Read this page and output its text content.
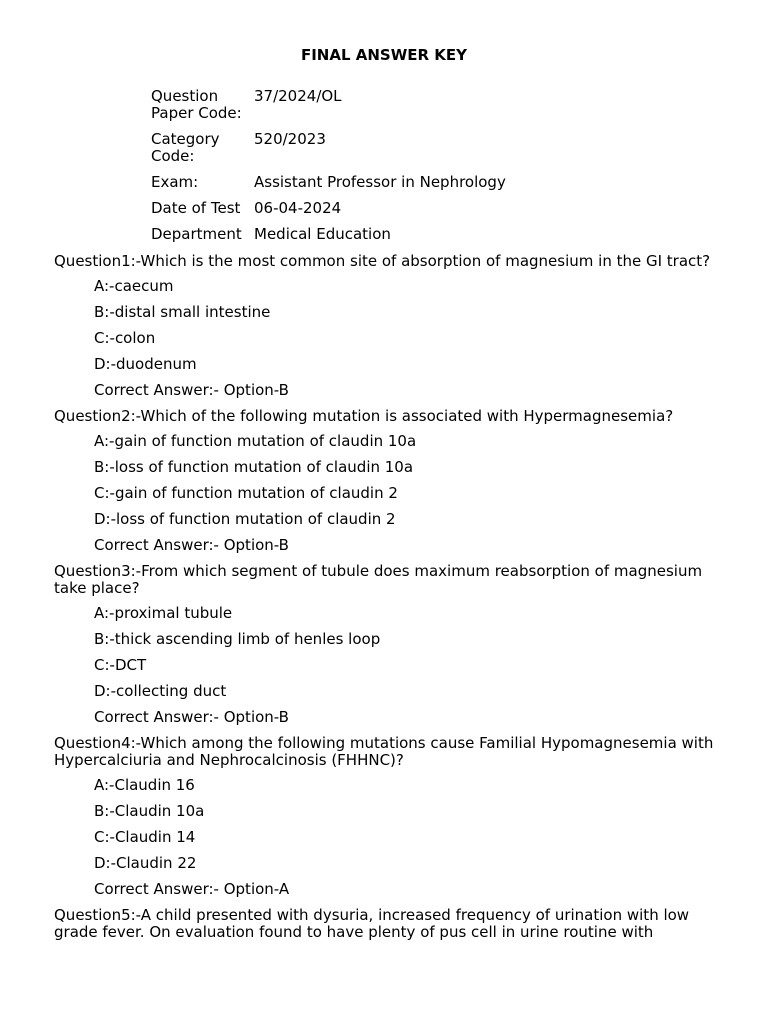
FINAL ANSWER KEY
Question Paper Code:	37/2024/OL
Category Code:	520/2023
Exam:	Assistant Professor in Nephrology
Date of Test	06-04-2024
Department	Medical Education
Question1:-Which is the most common site of absorption of magnesium in the GI tract?
A:-caecum
B:-distal small intestine
C:-colon
D:-duodenum
Correct Answer:- Option-B
Question2:-Which of the following mutation is associated with Hypermagnesemia?
A:-gain of function mutation of claudin 10a
B:-loss of function mutation of claudin 10a
C:-gain of function mutation of claudin 2
D:-loss of function mutation of claudin 2
Correct Answer:- Option-B
Question3:-From which segment of tubule does maximum reabsorption of magnesium take place?
A:-proximal tubule
B:-thick ascending limb of henles loop
C:-DCT
D:-collecting duct
Correct Answer:- Option-B
Question4:-Which among the following mutations cause Familial Hypomagnesemia with Hypercalciuria and Nephrocalcinosis (FHHNC)?
A:-Claudin 16
B:-Claudin 10a
C:-Claudin 14
D:-Claudin 22
Correct Answer:- Option-A
Question5:-A child presented with dysuria, increased frequency of urination with low grade fever. On evaluation found to have plenty of pus cell in urine routine with
